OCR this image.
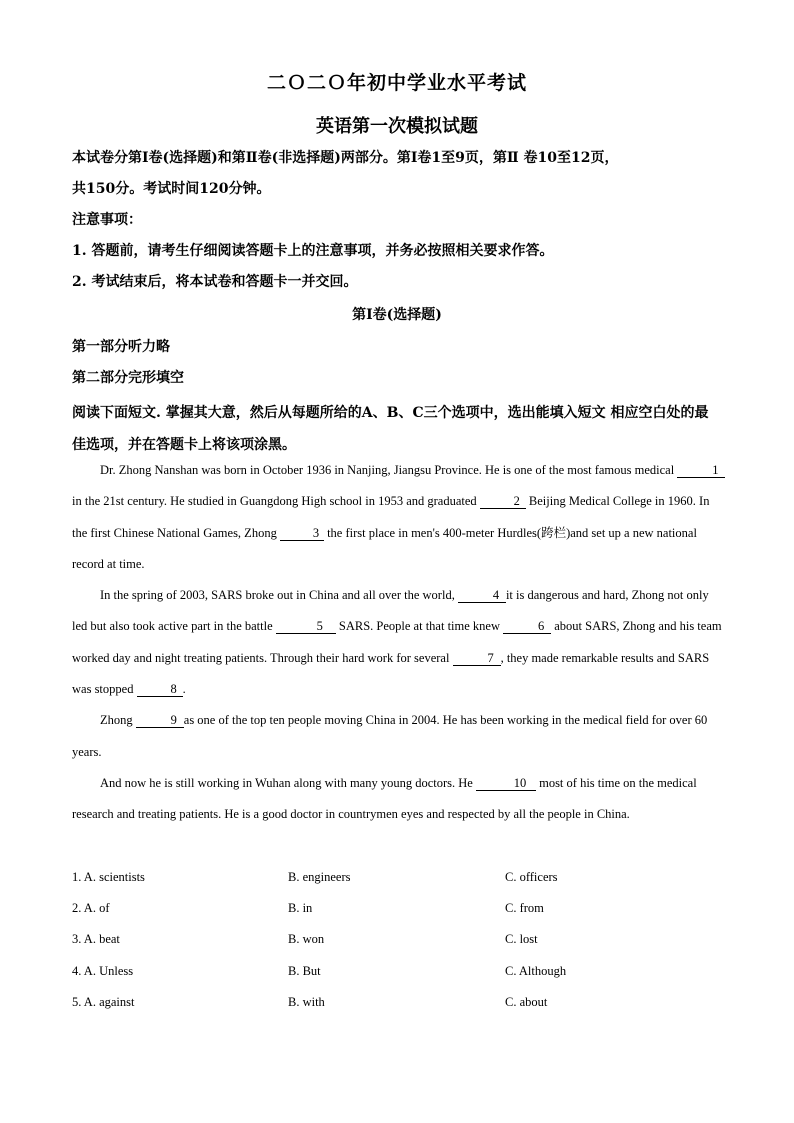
二Ｏ二Ｏ年初中学业水平考试
英语第一次模拟试题
本试卷分第Ⅰ卷(选择题)和第Ⅱ卷(非选择题)两部分。第Ⅰ卷1至9页，第Ⅱ 卷10至12页，
共150分。考试时间120分钟。
注意事项：
1. 答题前，请考生仔细阅读答题卡上的注意事项，并务必按照相关要求作答。
2. 考试结束后，将本试卷和答题卡一并交回。
第Ⅰ卷(选择题)
第一部分听力略
第二部分完形填空
阅读下面短文. 掌握其大意，然后从每题所给的A、B、C三个选项中，选出能填入短文 相应空白处的最佳选项，并在答题卡上将该项涂黑。

Dr. Zhong Nanshan was born in October 1936 in Nanjing, Jiangsu Province. He is one of the most famous medical	1 in the 21st century. He studied in Guangdong High school in 1953 and graduated	2 Beijing Medical College in 1960. In the first Chinese National Games, Zhong	3 the first place in men's 400-meter Hurdles(跨栏)and set up a new national record at time.

In the spring of 2003, SARS broke out in China and all over the world,	4 it is dangerous and hard, Zhong not only led but also took active part in the battle	5 SARS. People at that time knew	6 about SARS, Zhong and his team worked day and night treating patients. Through their hard work for several	7 , they made remarkable results and SARS was stopped	8 .

Zhong	9 as one of the top ten people moving China in 2004. He has been working in the medical field for over 60 years.

And now he is still working in Wuhan along with many young doctors. He	10 most of his time on the medical research and treating patients. He is a good doctor in countrymen eyes and respected by all the people in China.

1. A. scientists	B. engineers	C. officers
2. A. of	B. in	C. from
3. A. beat	B. won	C. lost
4. A. Unless	B. But	C. Although
5. A. against	B. with	C. about
